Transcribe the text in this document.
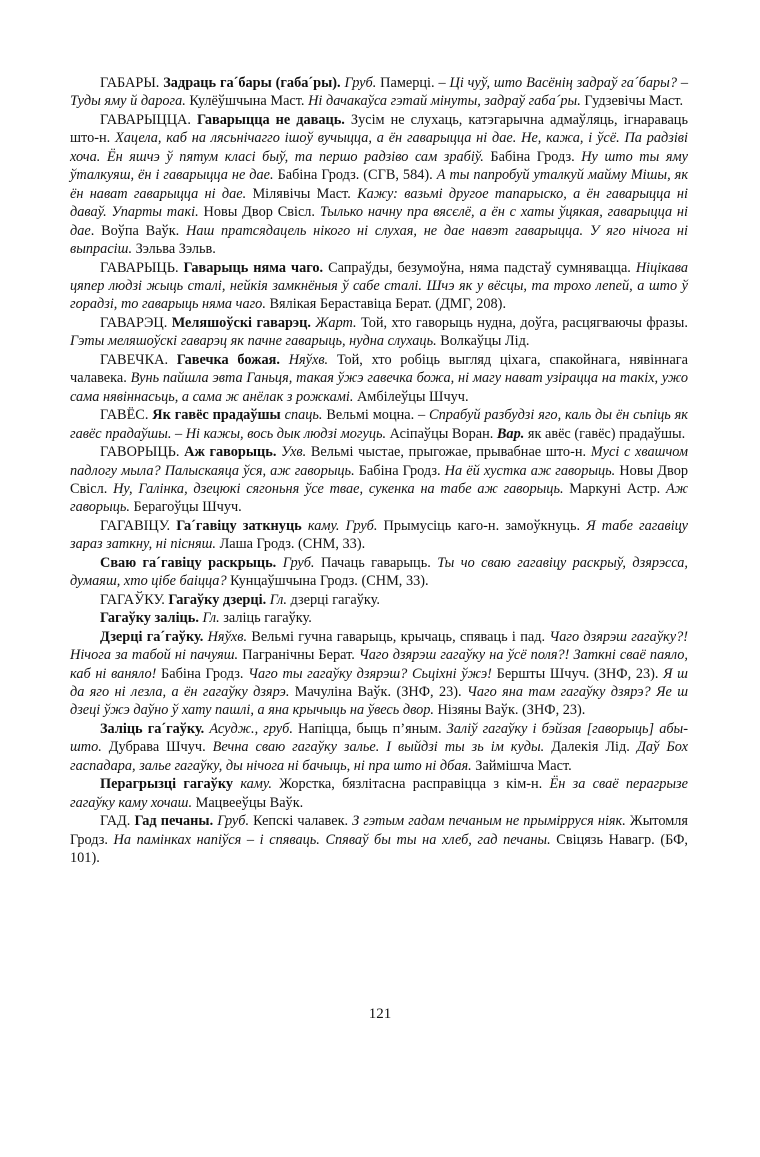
ГАБАРЫ. Задраць га´бары (габа´ры). Груб. Памерці. – Ці чуў, што Васёнің задраў га´бары? – Туды яму й дарога. Кулёўшчына Маст. Ні дачакаўса гэтай мінуты, задраў габа´ры. Гудзевічы Маст.

ГАВАРЫЦЦА. Гаварыцца не даваць. Зусім не слухаць, катэгарычна адмаўляць, ігнараваць што-н. Хацела, каб на лясьнічагго ішоў вучыцца, а ён гаварыцца ні дае. Не, кажа, і ўсё. Па радзіві хоча. Ён яшчэ ў пятум класі быў, та першо радзіво сам зрабіў. Бабіна Гродз. Ну што ты яму ўталкуяш, ён і гаварыцца не дае. Бабіна Гродз. (СГВ, 584). А ты папробуй уталкуй майму Мішы, як ён нават гаварыцца ні дае. Мілявічы Маст. Кажу: вазьмі другое тапарыско, а ён гаварыцца ні даваў. Упарты такі. Новы Двор Свісл. Тылько начну пра вясєлё, а ён с хаты ўцякая, гаварыцца ні дае. Воўпа Ваўк. Наш пратсядацель нікого ні слухая, не дае навэт гаварыцца. У яго нічога ні выпрасіш. Зэльва Зэльв.

ГАВАРЫЦЬ. Гаварыць няма чаго. Сапраўды, безумоўна, няма падстаў сумнявацца. Ніцікава цяпер людзі жыць сталі, нейкія замкнёныя ў сабе сталі. Шчэ як у вёсцы, та трохо лепей, а што ў горадзі, то гаварыць няма чаго. Вялікая Берастaвіца Берат. (ДМГ, 208).

ГАВАРЭЦ. Меляшоўскі гаварэц. Жарт. Той, хто гаворыць нудна, доўга, расцягваючы фразы. Гэты меляшоўскі гаварэц як пачне гаварыць, нудна слухаць. Волкаўцы Лід.

ГАВЕЧКА. Гавечка божая. Няўхв. Той, хто робіць выгляд ціхага, спакойнага, нявіннага чалавека. Вунь пайшла эвта Ганьця, такая ўжэ гавечка божа, ні магу нават узірацца на такіх, ужо сама нявіннасьць, а сама ж анёлак з рожкамі. Амбілеўцы Шчуч.

ГАВЁС. Як гавёс прадаўшы спаць. Вельмі моцна. – Спрабуй разбудзі яго, каль ды ён сьпіць як гавёс прадаўшы. – Ні кажы, вось дык людзі могуць. Асіпаўцы Воран. Вар. як авёс (гавёс) прадаўшы.

ГАВОРЫЦЬ. Аж гаворыць. Ухв. Вельмі чыстае, прыгожае, прывабнае што-н. Мусі с хвашчом падлогу мыла? Палыскаяца ўся, аж гаворыць. Бабіна Гродз. На ёй хустка аж гаворыць. Новы Двор Свісл. Ну, Галінка, дзецюкі сягоньня ўсе твае, сукенка на табе аж гаворыць. Маркуні Астр. Аж гаворыць. Берагоўцы Шчуч.

ГАГАВІЦУ. Га´гавіцу заткнуць каму. Груб. Прымусіць каго-н. замоўкнуць. Я табе гагавіцу зараз заткну, ні пісняш. Лаша Гродз. (СНМ, 33).

Сваю га´гавіцу раскрыць. Груб. Пачаць гаварыць. Ты чо сваю гагавіцу раскрыў, дзярэсса, думаяш, хто цібе баіцца? Кунцаўшчына Гродз. (СНМ, 33).

ГАГАЎКУ. Гагаўку дзерці. Гл. дзерці гагаўку.

Гагаўку заліць. Гл. заліць гагаўку.

Дзерці га´гаўку. Няўхв. Вельмі гучна гаварыць, крычаць, спяваць і пад. Чаго дзярэш гагаўку?! Нічога за табой ні пачуяш. Пагранічны Берат. Чаго дзярэш гагаўку на ўсё поля?! Заткні сваё паяло, каб ні ваняло! Бабіна Гродз. Чаго ты гагаўку дзярэш? Сьціхні ўжэ! Бершты Шчуч. (ЗНФ, 23). Я ш да яго ні лезла, а ён гагаўку дзярэ. Мачуліна Ваўк. (ЗНФ, 23). Чаго яна там гагаўку дзярэ? Яе ш дзеці ўжэ даўно ў хату пашлі, а яна крычыць на ўвесь двор. Нізяны Ваўк. (ЗНФ, 23).

Заліць га´гаўку. Асудж., груб. Напіцца, быць п’яным. Заліў гагаўку і бэйзая [гаворыць] абы-што. Дубрава Шчуч. Вечна сваю гагаўку залье. І выйдзі ты зь ім куды. Далекія Лід. Даў Бох гаспадара, залье гагаўку, ды нічога ні бачыць, ні пра што ні дбая. Займішча Маст.

Перагрызці гагаўку каму. Жорстка, бязлітасна расправіцца з кім-н. Ён за сваё перагрызе гагаўку каму хочаш. Мацвееўцы Ваўк.

ГАД. Гад печаны. Груб. Кепскі чалавек. З гэтым гадам печаным не прымірруся ніяк. Жытомля Гродз. На памінках напіўся – і спяваць. Спяваў бы ты на хлеб, гад печаны. Свіцязь Навагр. (БФ, 101).

121
